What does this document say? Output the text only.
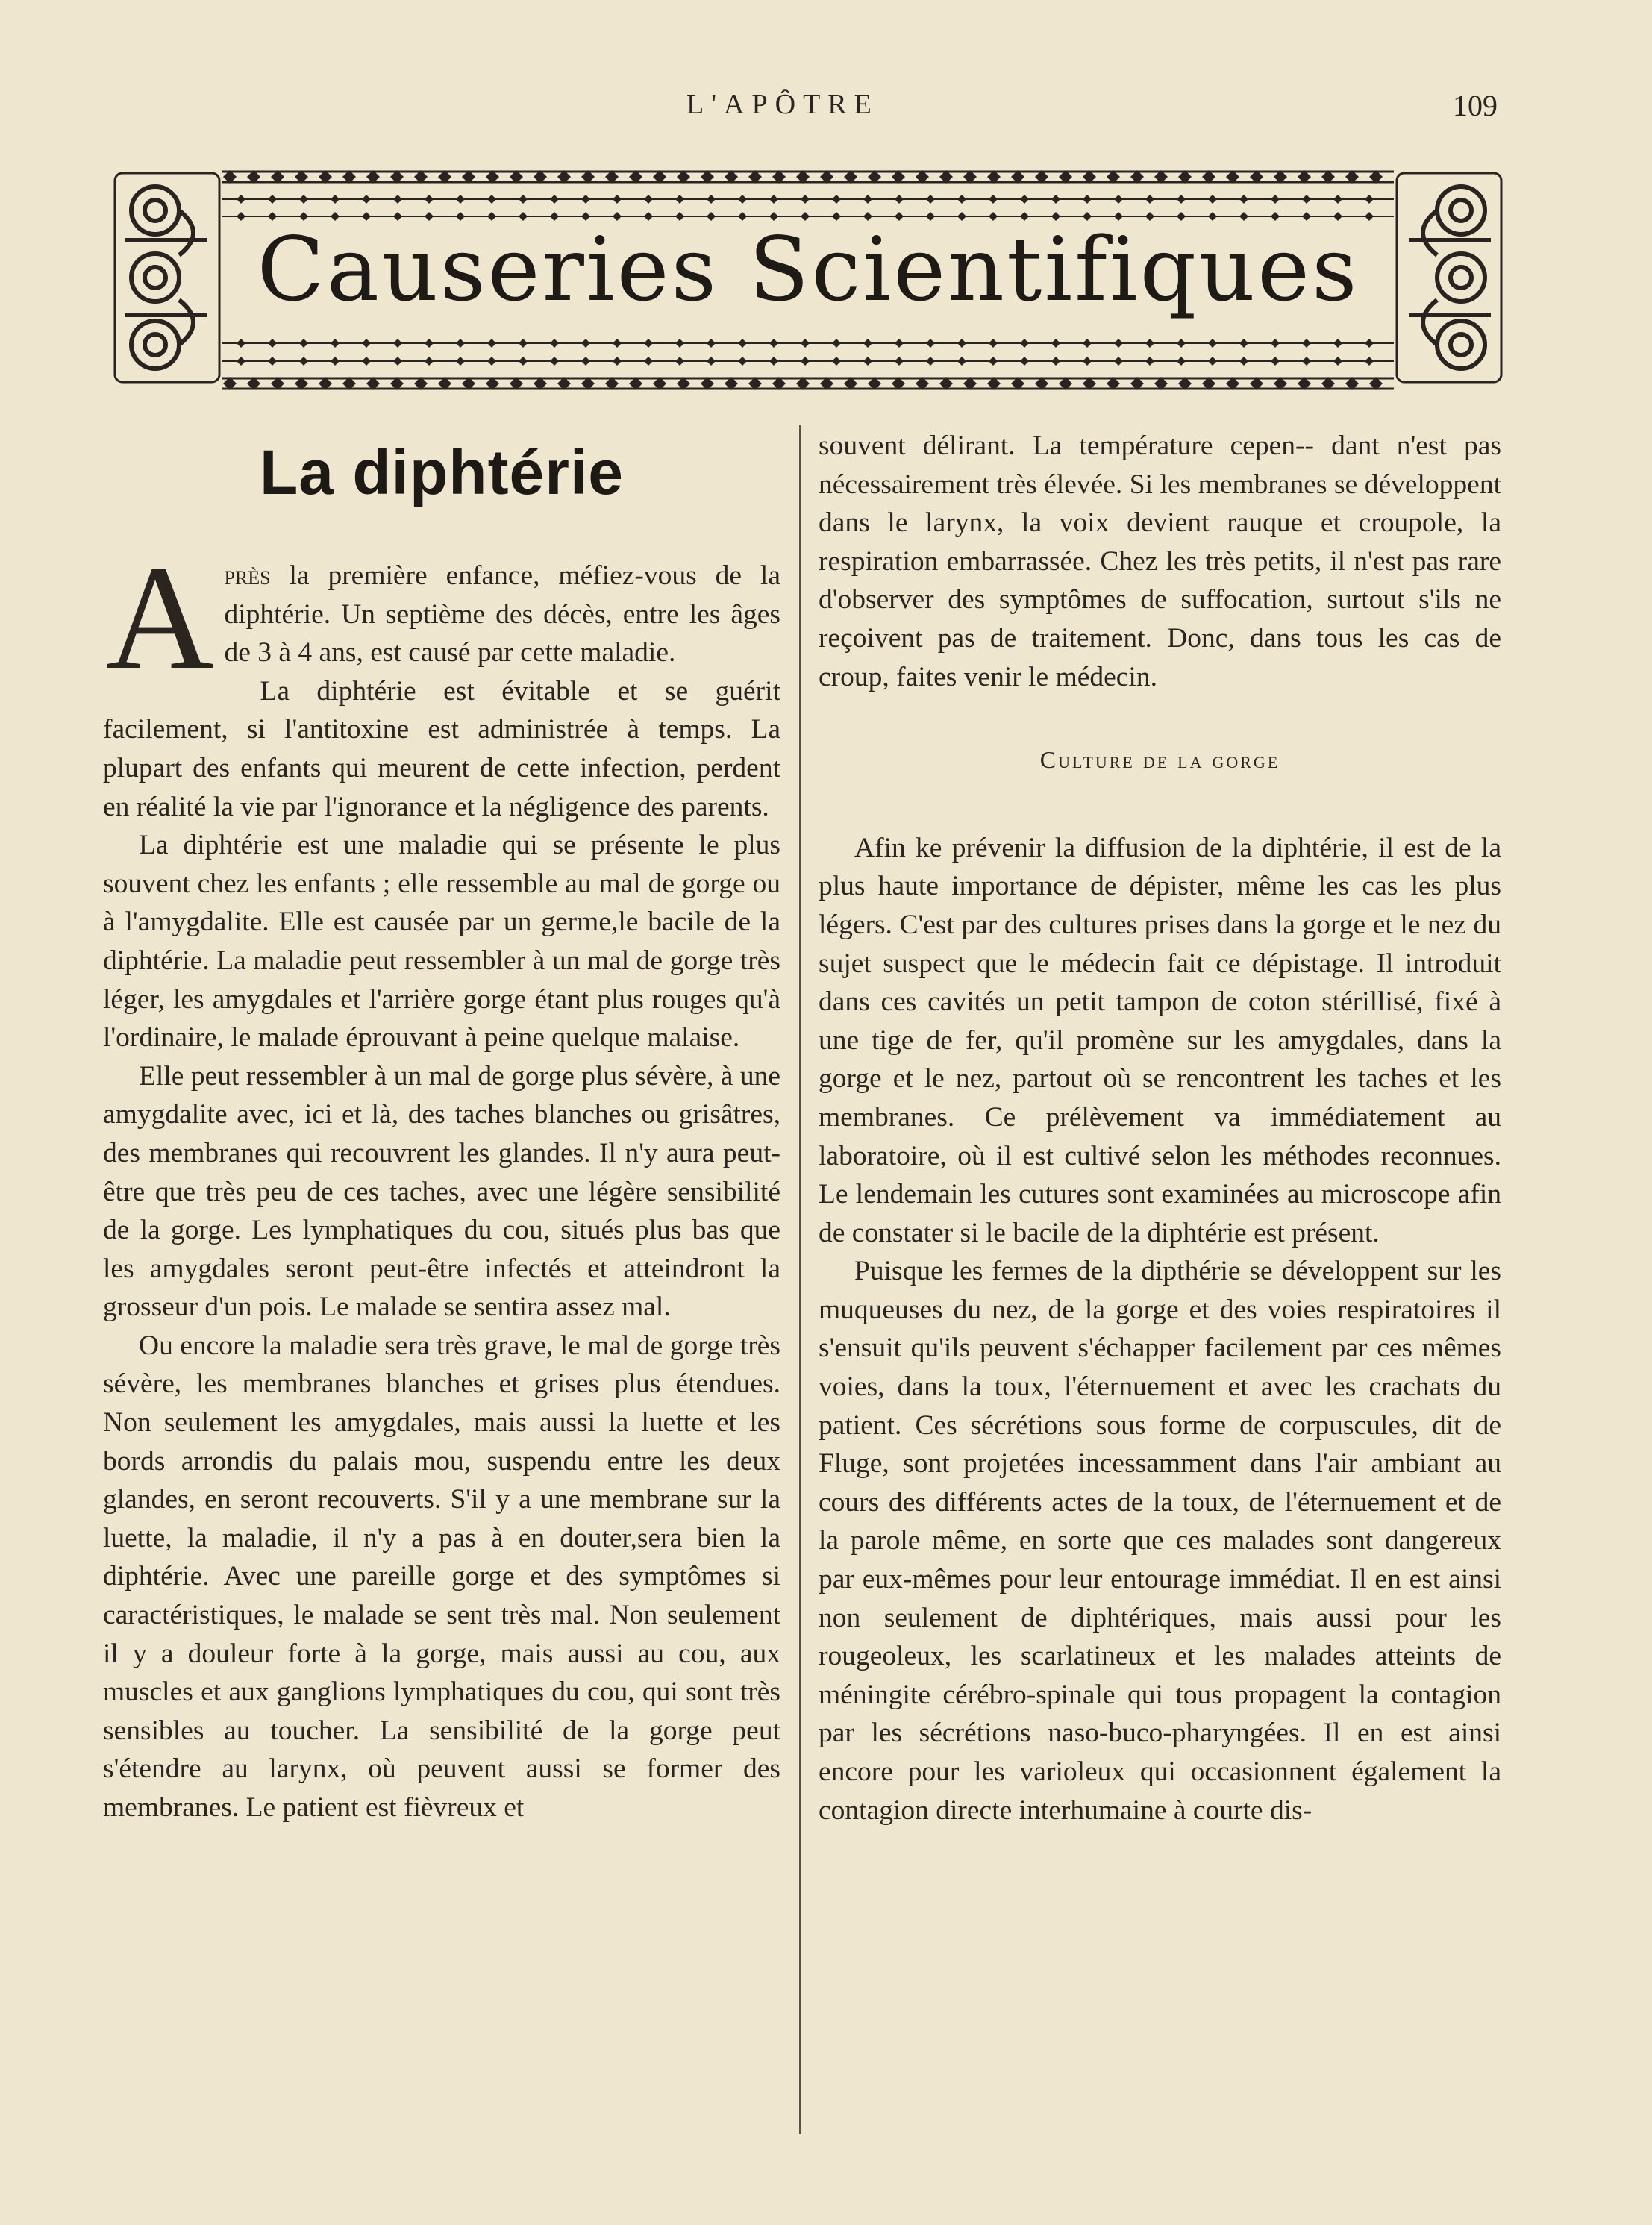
L'APÔTRE	109
Causeries Scientifiques
La diphtérie

Après la première enfance, méfiez-vous de la diphtérie. Un septième des décès, entre les âges de 3 à 4 ans, est causé par cette maladie.

La diphtérie est évitable et se guérit facilement, si l'antitoxine est administrée à temps. La plupart des enfants qui meurent de cette infection, perdent en réalité la vie par l'ignorance et la négligence des parents.

La diphtérie est une maladie qui se présente le plus souvent chez les enfants ; elle ressemble au mal de gorge ou à l'amygdalite. Elle est causée par un germe,le bacile de la diphtérie. La maladie peut ressembler à un mal de gorge très léger, les amygdales et l'arrière gorge étant plus rouges qu'à l'ordinaire, le malade éprouvant à peine quelque malaise.

Elle peut ressembler à un mal de gorge plus sévère, à une amygdalite avec, ici et là, des taches blanches ou grisâtres, des membranes qui recouvrent les glandes. Il n'y aura peut-être que très peu de ces taches, avec une légère sensibilité de la gorge. Les lymphatiques du cou, situés plus bas que les amygdales seront peut-être infectés et atteindront la grosseur d'un pois. Le malade se sentira assez mal.

Ou encore la maladie sera très grave, le mal de gorge très sévère, les membranes blanches et grises plus étendues. Non seulement les amygdales, mais aussi la luette et les bords arrondis du palais mou, suspendu entre les deux glandes, en seront recouverts. S'il y a une membrane sur la luette, la maladie, il n'y a pas à en douter,sera bien la diphtérie. Avec une pareille gorge et des symptômes si caractéristiques, le malade se sent très mal. Non seulement il y a douleur forte à la gorge, mais aussi au cou, aux muscles et aux ganglions lymphatiques du cou, qui sont très sensibles au toucher. La sensibilité de la gorge peut s'étendre au larynx, où peuvent aussi se former des membranes. Le patient est fièvreux et

souvent délirant. La température cepen-- dant n'est pas nécessairement très élevée. Si les membranes se développent dans le larynx, la voix devient rauque et croupole, la respiration embarrassée. Chez les très petits, il n'est pas rare d'observer des symptômes de suffocation, surtout s'ils ne reçoivent pas de traitement. Donc, dans tous les cas de croup, faites venir le médecin.

Culture de la gorge

Afin ke prévenir la diffusion de la diphtérie, il est de la plus haute importance de dépister, même les cas les plus légers. C'est par des cultures prises dans la gorge et le nez du sujet suspect que le médecin fait ce dépistage. Il introduit dans ces cavités un petit tampon de coton stérillisé, fixé à une tige de fer, qu'il promène sur les amygdales, dans la gorge et le nez, partout où se rencontrent les taches et les membranes. Ce prélèvement va immédiatement au laboratoire, où il est cultivé selon les méthodes reconnues. Le lendemain les cutures sont examinées au microscope afin de constater si le bacile de la diphtérie est présent.

Puisque les fermes de la dipthérie se développent sur les muqueuses du nez, de la gorge et des voies respiratoires il s'ensuit qu'ils peuvent s'échapper facilement par ces mêmes voies, dans la toux, l'éternuement et avec les crachats du patient. Ces sécrétions sous forme de corpuscules, dit de Fluge, sont projetées incessamment dans l'air ambiant au cours des différents actes de la toux, de l'éternuement et de la parole même, en sorte que ces malades sont dangereux par eux-mêmes pour leur entourage immédiat. Il en est ainsi non seulement de diphtériques, mais aussi pour les rougeoleux, les scarlatineux et les malades atteints de méningite cérébro-spinale qui tous propagent la contagion par les sécrétions naso-buco-pharyngées. Il en est ainsi encore pour les varioleux qui occasionnent également la contagion directe interhumaine à courte dis-
